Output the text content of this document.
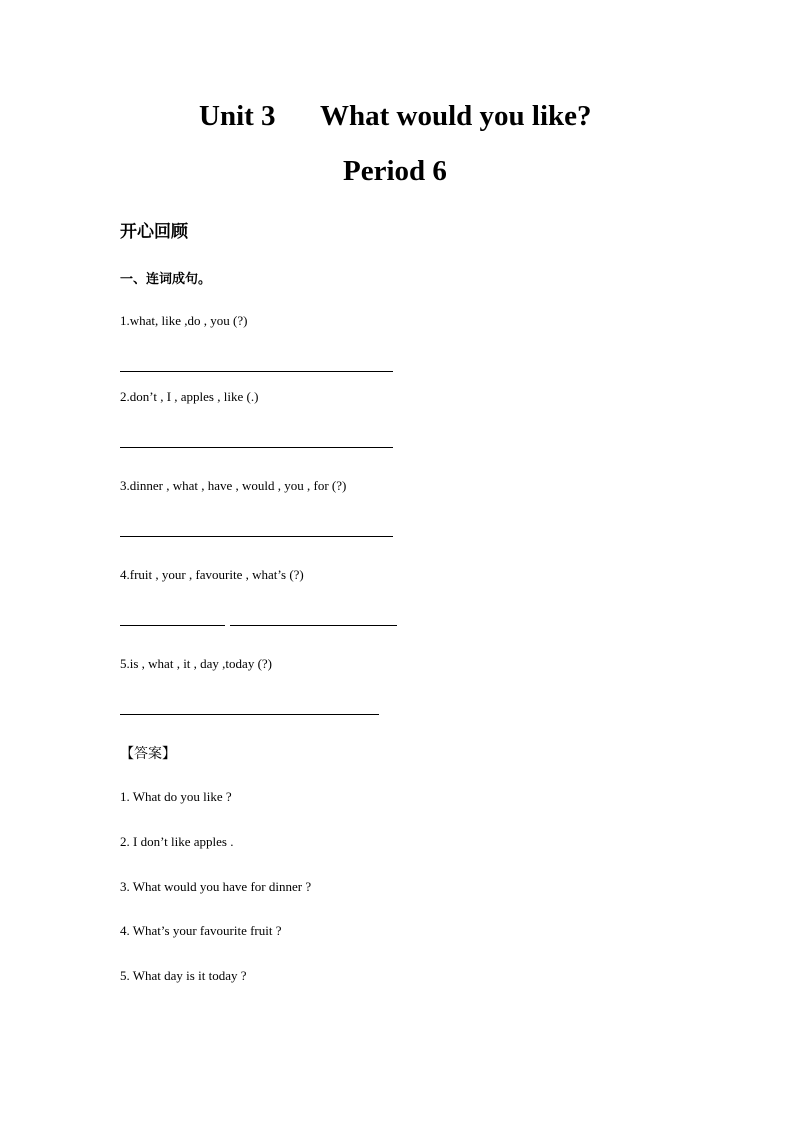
Unit 3 What would you like?
Period 6
开心回顾
一、连词成句。
1.what, like ,do , you (?)
2.don’t , I , apples , like (.)
3.dinner , what , have , would , you , for (?)
4.fruit , your , favourite , what’s (?)
5.is , what , it , day ,today (?)
【答案】
1. What do you like ?
2. I don’t like apples .
3. What would you have for dinner ?
4. What’s your favourite fruit ?
5. What day is it today ?
